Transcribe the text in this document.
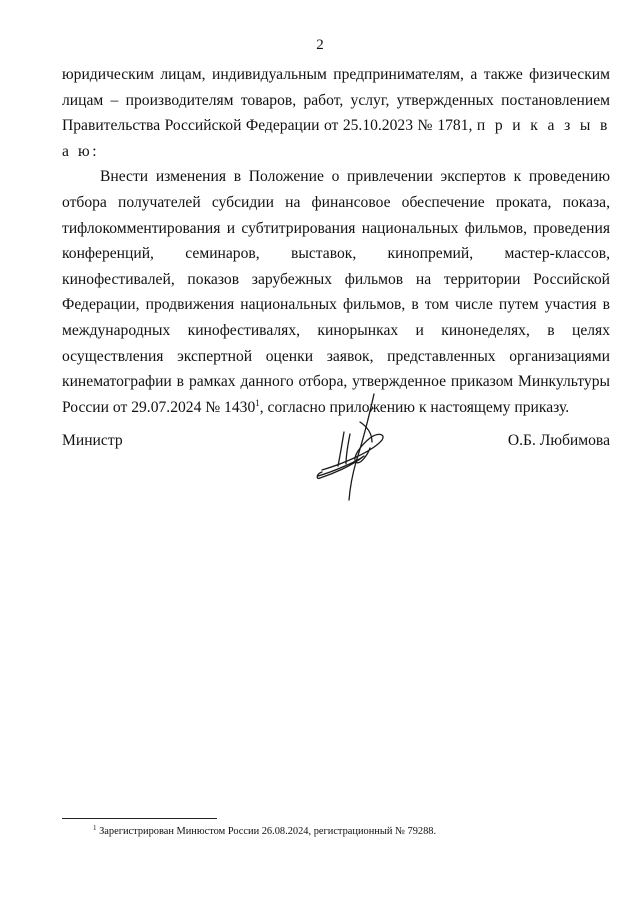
2

юридическим лицам, индивидуальным предпринимателям, а также физическим лицам – производителям товаров, работ, услуг, утвержденных постановлением Правительства Российской Федерации от 25.10.2023 № 1781, п р и к а з ы в а ю:

Внести изменения в Положение о привлечении экспертов к проведению отбора получателей субсидии на финансовое обеспечение проката, показа, тифлокомментирования и субтитрирования национальных фильмов, проведения конференций, семинаров, выставок, кинопремий, мастер-классов, кинофестивалей, показов зарубежных фильмов на территории Российской Федерации, продвижения национальных фильмов, в том числе путем участия в международных кинофестивалях, кинорынках и кинонеделях, в целях осуществления экспертной оценки заявок, представленных организациями кинематографии в рамках данного отбора, утвержденное приказом Минкультуры России от 29.07.2024 № 1430$^1$, согласно приложению к настоящему приказу.

Министр	О.Б. Любимова
$^1$ Зарегистрирован Минюстом России 26.08.2024, регистрационный № 79288.
